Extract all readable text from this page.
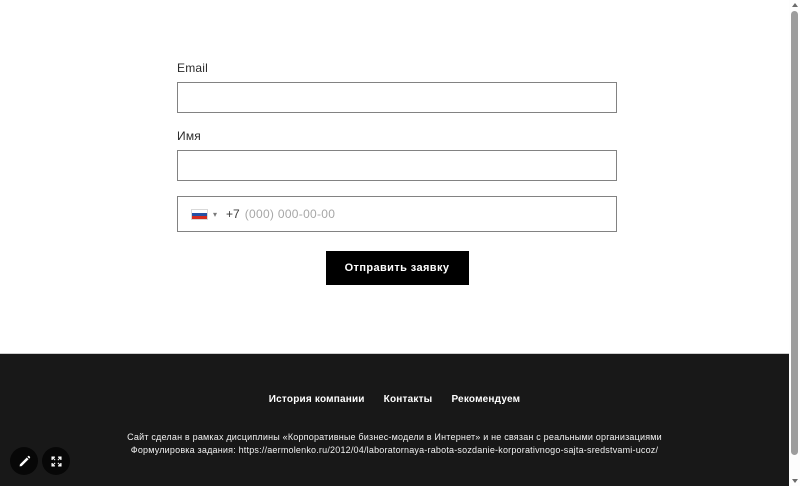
Email
Имя
▾ +7 (000) 000-00-00
Отправить заявку
История компании Контакты Рекомендуем
Сайт сделан в рамках дисциплины «Корпоративные бизнес-модели в Интернет» и не связан с реальными организациями
Формулировка задания: https://aermolenko.ru/2012/04/laboratornaya-rabota-sozdanie-korporativnogo-sajta-sredstvami-ucoz/
